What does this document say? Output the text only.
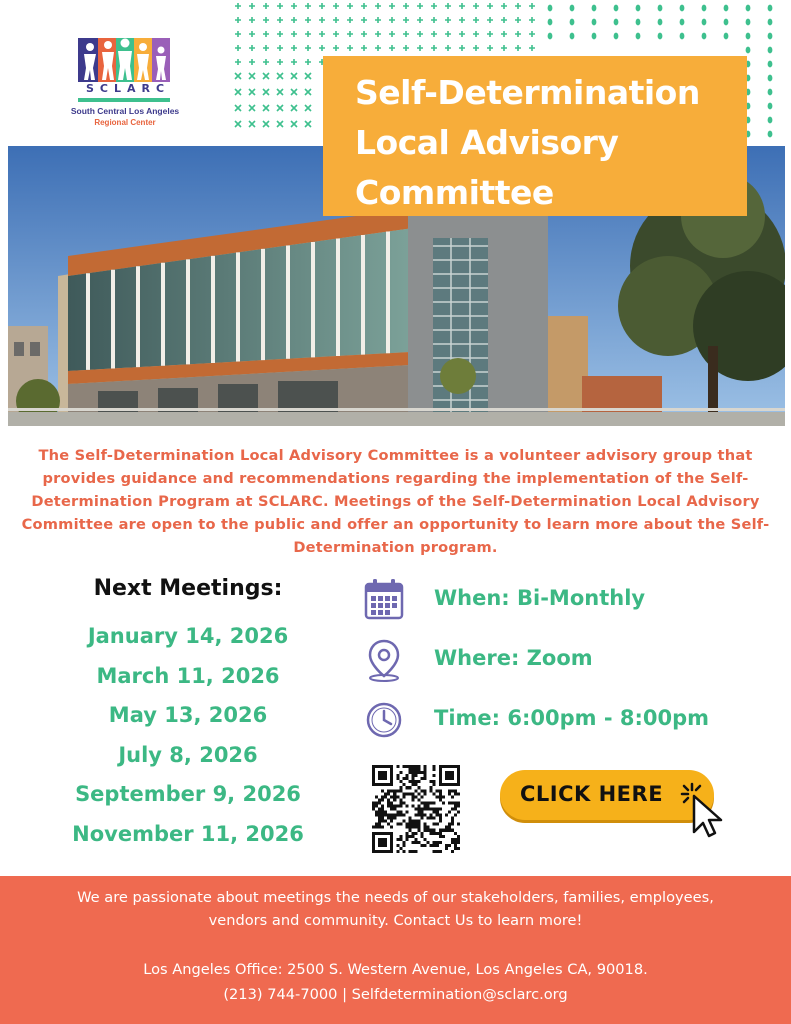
SCLARC
South Central Los Angeles
Regional Center
Self-Determination
Local Advisory
Committee

The Self-Determination Local Advisory Committee is a volunteer advisory group that provides guidance and recommendations regarding the implementation of the Self-Determination Program at SCLARC. Meetings of the Self-Determination Local Advisory Committee are open to the public and offer an opportunity to learn more about the Self-Determination program.

Next Meetings:
January 14, 2026
March 11, 2026
May 13, 2026
July 8, 2026
September 9, 2026
November 11, 2026
When: Bi-Monthly
Where: Zoom
Time: 6:00pm - 8:00pm
CLICK HERE

We are passionate about meetings the needs of our stakeholders, families, employees,

vendors and community. Contact Us to learn more!

Los Angeles Office: 2500 S. Western Avenue, Los Angeles CA, 90018.

(213) 744-7000 | Selfdetermination@sclarc.org
